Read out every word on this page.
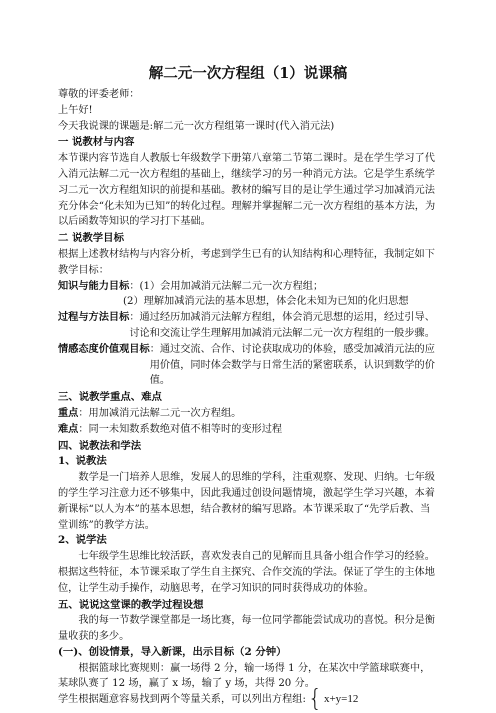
解二元一次方程组（1）说课稿

尊敬的评委老师：

上午好!

今天我说课的课题是:解二元一次方程组第一课时(代入消元法)

一 说教材与内容

本节课内容节选自人教版七年级数学下册第八章第二节第二课时。是在学生学习了代入消元法解二元一次方程组的基础上，继续学习的另一种消元方法。它是学生系统学习二元一次方程组知识的前提和基础。教材的编写目的是让学生通过学习加减消元法充分体会“化未知为已知”的转化过程。理解并掌握解二元一次方程组的基本方法，为以后函数等知识的学习打下基础。

二 说教学目标

根据上述教材结构与内容分析，考虑到学生已有的认知结构和心理特征，我制定如下教学目标：

知识与能力目标 ：(1）会用加减消元法解二元一次方程组；
(2）理解加减消元法的基本思想，体会化未知为已知的化归思想
过程与方法目标 ：通过经历加减消元法解方程组，体会消元思想的运用，经过引导、讨论和交流让学生理解用加减消元法解二元一次方程组的一般步骤。
情感态度价值观目标 ：通过交流、合作、讨论获取成功的体验，感受加减消元法的应用价值，同时体会数学与日常生活的紧密联系，认识到数学的价值。
三、说教学重点、难点

重点：用加减消元法解二元一次方程组。

难点：同一未知数系数绝对值不相等时的变形过程

四、说教法和学法
1、说教法

数学是一门培养人思维，发展人的思维的学科，注重观察、发现、归纳。七年级的学生学习注意力还不够集中，因此我通过创设问题情境，激起学生学习兴趣，本着新课标“以人为本”的基本思想，结合教材的编写思路。本节课采取了“先学后教、当堂训练”的教学方法。

2、说学法

七年级学生思维比较活跃，喜欢发表自己的见解而且具备小组合作学习的经验。根据这些特征，本节课采取了学生自主探究、合作交流的学法。保证了学生的主体地位，让学生动手操作，动脑思考，在学习知识的同时获得成功的体验。

五、说说这堂课的教学过程设想

我的每一节数学课堂都是一场比赛，每一位同学都能尝试成功的喜悦。积分是衡量收获的多少。

(一)、创设情景，导入新课，出示目标（2 分钟）

根据篮球比赛规则：赢一场得 2 分，输一场得 1 分，在某次中学篮球联赛中，某球队赛了 12 场，赢了 x 场，输了 y 场，共得 20 分。

学生根据题意容易找到两个等量关系，可以列出方程组: { x+y=12
